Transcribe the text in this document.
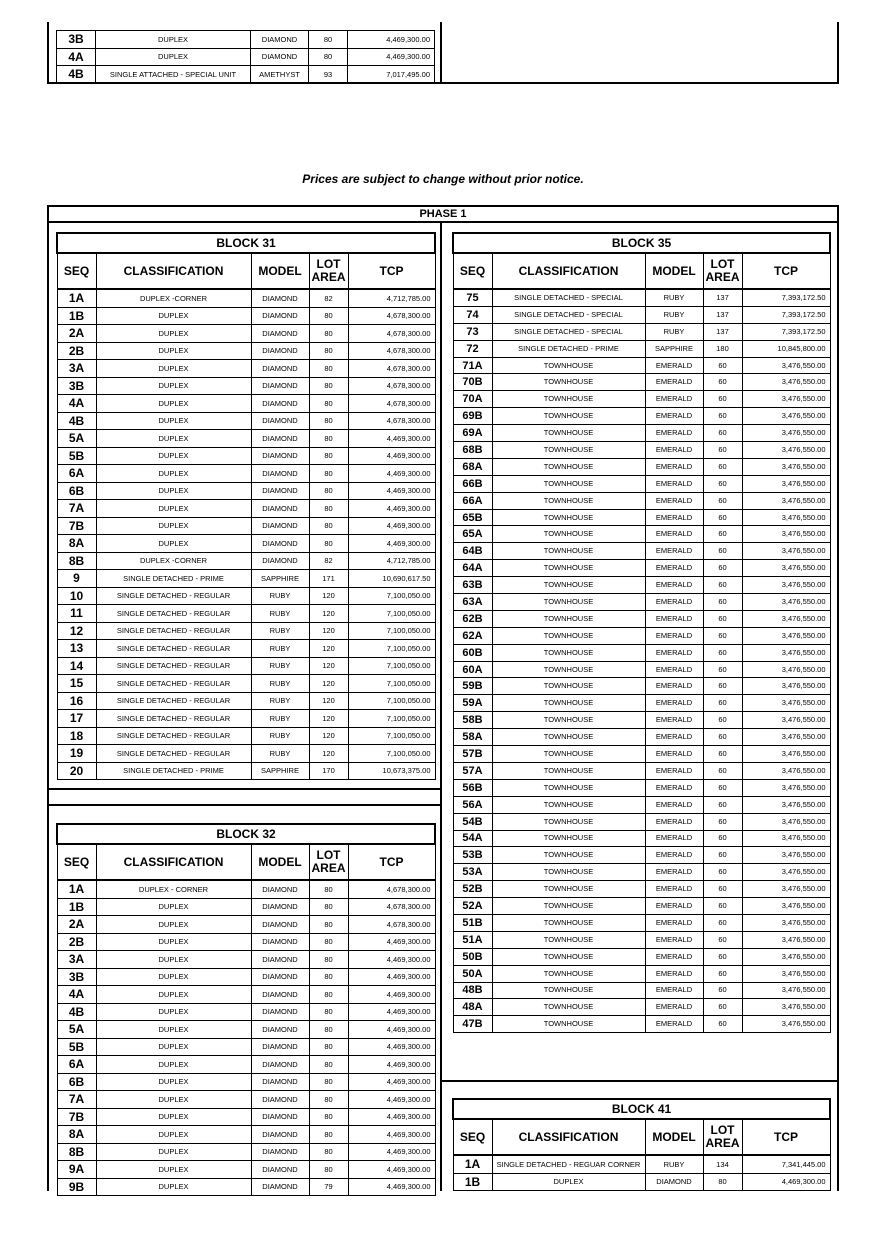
3B	DUPLEX	DIAMOND	80	4,469,300.00
4A	DUPLEX	DIAMOND	80	4,469,300.00
4B	SINGLE ATTACHED - SPECIAL UNIT	AMETHYST	93	7,017,495.00
Prices are subject to change without prior notice.
PHASE 1
BLOCK 31				
SEQ	CLASSIFICATION	MODEL	LOT AREA	TCP
1A	DUPLEX -CORNER	DIAMOND	82	4,712,785.00
1B	DUPLEX	DIAMOND	80	4,678,300.00
2A	DUPLEX	DIAMOND	80	4,678,300.00
2B	DUPLEX	DIAMOND	80	4,678,300.00
3A	DUPLEX	DIAMOND	80	4,678,300.00
3B	DUPLEX	DIAMOND	80	4,678,300.00
4A	DUPLEX	DIAMOND	80	4,678,300.00
4B	DUPLEX	DIAMOND	80	4,678,300.00
5A	DUPLEX	DIAMOND	80	4,469,300.00
5B	DUPLEX	DIAMOND	80	4,469,300.00
6A	DUPLEX	DIAMOND	80	4,469,300.00
6B	DUPLEX	DIAMOND	80	4,469,300.00
7A	DUPLEX	DIAMOND	80	4,469,300.00
7B	DUPLEX	DIAMOND	80	4,469,300.00
8A	DUPLEX	DIAMOND	80	4,469,300.00
8B	DUPLEX -CORNER	DIAMOND	82	4,712,785.00
9	SINGLE DETACHED - PRIME	SAPPHIRE	171	10,690,617.50
10	SINGLE DETACHED - REGULAR	RUBY	120	7,100,050.00
11	SINGLE DETACHED - REGULAR	RUBY	120	7,100,050.00
12	SINGLE DETACHED - REGULAR	RUBY	120	7,100,050.00
13	SINGLE DETACHED - REGULAR	RUBY	120	7,100,050.00
14	SINGLE DETACHED - REGULAR	RUBY	120	7,100,050.00
15	SINGLE DETACHED - REGULAR	RUBY	120	7,100,050.00
16	SINGLE DETACHED - REGULAR	RUBY	120	7,100,050.00
17	SINGLE DETACHED - REGULAR	RUBY	120	7,100,050.00
18	SINGLE DETACHED - REGULAR	RUBY	120	7,100,050.00
19	SINGLE DETACHED - REGULAR	RUBY	120	7,100,050.00
20	SINGLE DETACHED - PRIME	SAPPHIRE	170	10,673,375.00
BLOCK 32				
SEQ	CLASSIFICATION	MODEL	LOT AREA	TCP
1A	DUPLEX - CORNER	DIAMOND	80	4,678,300.00
1B	DUPLEX	DIAMOND	80	4,678,300.00
2A	DUPLEX	DIAMOND	80	4,678,300.00
2B	DUPLEX	DIAMOND	80	4,469,300.00
3A	DUPLEX	DIAMOND	80	4,469,300.00
3B	DUPLEX	DIAMOND	80	4,469,300.00
4A	DUPLEX	DIAMOND	80	4,469,300.00
4B	DUPLEX	DIAMOND	80	4,469,300.00
5A	DUPLEX	DIAMOND	80	4,469,300.00
5B	DUPLEX	DIAMOND	80	4,469,300.00
6A	DUPLEX	DIAMOND	80	4,469,300.00
6B	DUPLEX	DIAMOND	80	4,469,300.00
7A	DUPLEX	DIAMOND	80	4,469,300.00
7B	DUPLEX	DIAMOND	80	4,469,300.00
8A	DUPLEX	DIAMOND	80	4,469,300.00
8B	DUPLEX	DIAMOND	80	4,469,300.00
9A	DUPLEX	DIAMOND	80	4,469,300.00
9B	DUPLEX	DIAMOND	79	4,469,300.00
BLOCK 35				
SEQ	CLASSIFICATION	MODEL	LOT AREA	TCP
75	SINGLE DETACHED - SPECIAL	RUBY	137	7,393,172.50
74	SINGLE DETACHED - SPECIAL	RUBY	137	7,393,172.50
73	SINGLE DETACHED - SPECIAL	RUBY	137	7,393,172.50
72	SINGLE DETACHED - PRIME	SAPPHIRE	180	10,845,800.00
71A	TOWNHOUSE	EMERALD	60	3,476,550.00
70B	TOWNHOUSE	EMERALD	60	3,476,550.00
70A	TOWNHOUSE	EMERALD	60	3,476,550.00
69B	TOWNHOUSE	EMERALD	60	3,476,550.00
69A	TOWNHOUSE	EMERALD	60	3,476,550.00
68B	TOWNHOUSE	EMERALD	60	3,476,550.00
68A	TOWNHOUSE	EMERALD	60	3,476,550.00
66B	TOWNHOUSE	EMERALD	60	3,476,550.00
66A	TOWNHOUSE	EMERALD	60	3,476,550.00
65B	TOWNHOUSE	EMERALD	60	3,476,550.00
65A	TOWNHOUSE	EMERALD	60	3,476,550.00
64B	TOWNHOUSE	EMERALD	60	3,476,550.00
64A	TOWNHOUSE	EMERALD	60	3,476,550.00
63B	TOWNHOUSE	EMERALD	60	3,476,550.00
63A	TOWNHOUSE	EMERALD	60	3,476,550.00
62B	TOWNHOUSE	EMERALD	60	3,476,550.00
62A	TOWNHOUSE	EMERALD	60	3,476,550.00
60B	TOWNHOUSE	EMERALD	60	3,476,550.00
60A	TOWNHOUSE	EMERALD	60	3,476,550.00
59B	TOWNHOUSE	EMERALD	60	3,476,550.00
59A	TOWNHOUSE	EMERALD	60	3,476,550.00
58B	TOWNHOUSE	EMERALD	60	3,476,550.00
58A	TOWNHOUSE	EMERALD	60	3,476,550.00
57B	TOWNHOUSE	EMERALD	60	3,476,550.00
57A	TOWNHOUSE	EMERALD	60	3,476,550.00
56B	TOWNHOUSE	EMERALD	60	3,476,550.00
56A	TOWNHOUSE	EMERALD	60	3,476,550.00
54B	TOWNHOUSE	EMERALD	60	3,476,550.00
54A	TOWNHOUSE	EMERALD	60	3,476,550.00
53B	TOWNHOUSE	EMERALD	60	3,476,550.00
53A	TOWNHOUSE	EMERALD	60	3,476,550.00
52B	TOWNHOUSE	EMERALD	60	3,476,550.00
52A	TOWNHOUSE	EMERALD	60	3,476,550.00
51B	TOWNHOUSE	EMERALD	60	3,476,550.00
51A	TOWNHOUSE	EMERALD	60	3,476,550.00
50B	TOWNHOUSE	EMERALD	60	3,476,550.00
50A	TOWNHOUSE	EMERALD	60	3,476,550.00
48B	TOWNHOUSE	EMERALD	60	3,476,550.00
48A	TOWNHOUSE	EMERALD	60	3,476,550.00
47B	TOWNHOUSE	EMERALD	60	3,476,550.00
BLOCK 41				
SEQ	CLASSIFICATION	MODEL	LOT AREA	TCP
1A	SINGLE DETACHED - REGUAR CORNER	RUBY	134	7,341,445.00
1B	DUPLEX	DIAMOND	80	4,469,300.00
